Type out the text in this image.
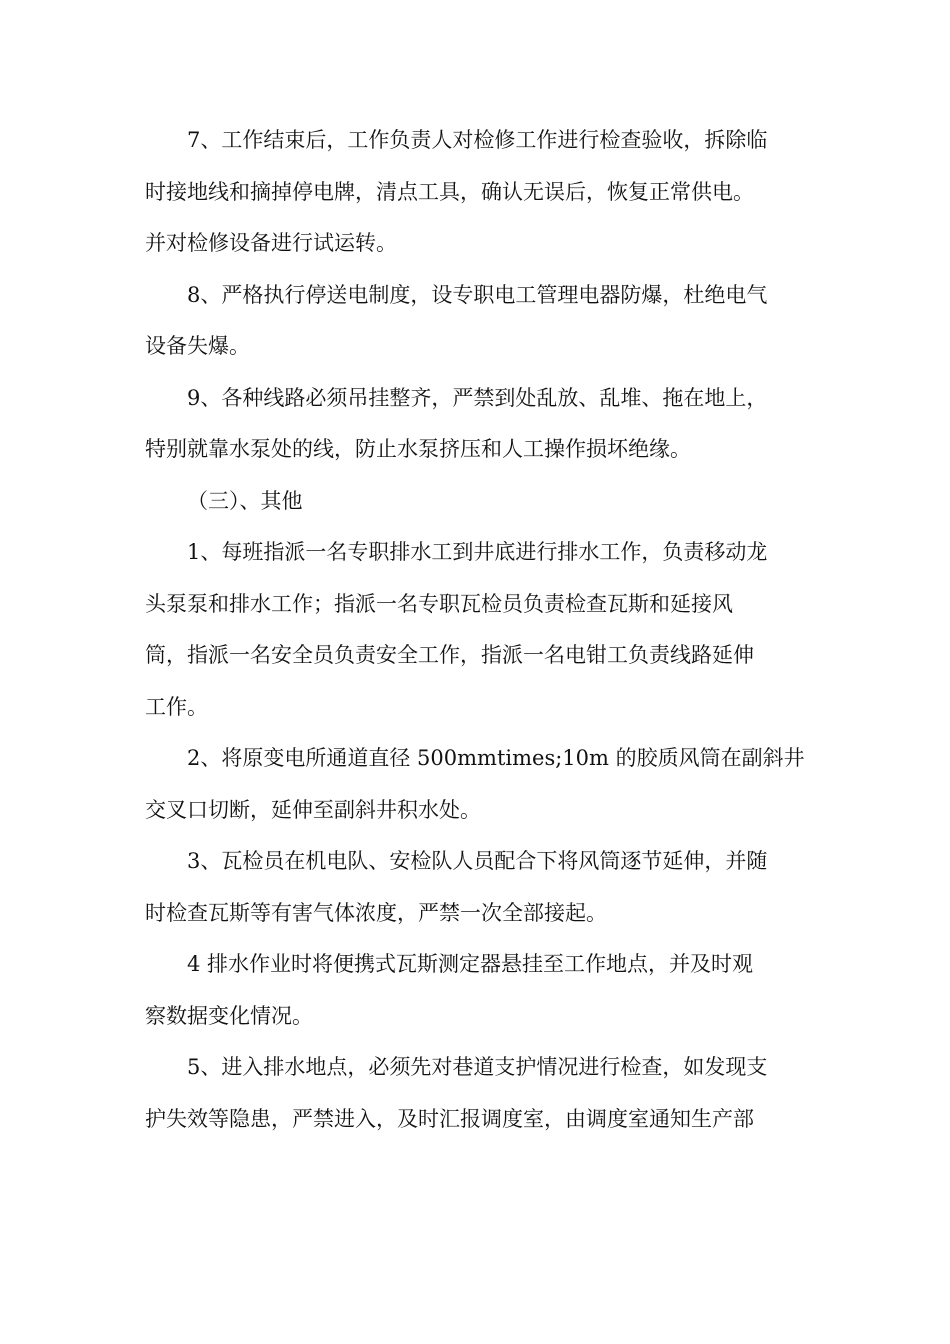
7、工作结束后，工作负责人对检修工作进行检查验收，拆除临
时接地线和摘掉停电牌，清点工具，确认无误后，恢复正常供电。
并对检修设备进行试运转。
8、严格执行停送电制度，设专职电工管理电器防爆，杜绝电气
设备失爆。
9、各种线路必须吊挂整齐，严禁到处乱放、乱堆、拖在地上，
特别就靠水泵处的线，防止水泵挤压和人工操作损坏绝缘。
（三）、其他
1、每班指派一名专职排水工到井底进行排水工作，负责移动龙
头泵泵和排水工作；指派一名专职瓦检员负责检查瓦斯和延接风
筒，指派一名安全员负责安全工作，指派一名电钳工负责线路延伸
工作。
2、将原变电所通道直径 500mmtimes;10m 的胶质风筒在副斜井
交叉口切断，延伸至副斜井积水处。
3、瓦检员在机电队、安检队人员配合下将风筒逐节延伸，并随
时检查瓦斯等有害气体浓度，严禁一次全部接起。
4 排水作业时将便携式瓦斯测定器悬挂至工作地点，并及时观
察数据变化情况。
5、进入排水地点，必须先对巷道支护情况进行检查，如发现支
护失效等隐患，严禁进入，及时汇报调度室，由调度室通知生产部
